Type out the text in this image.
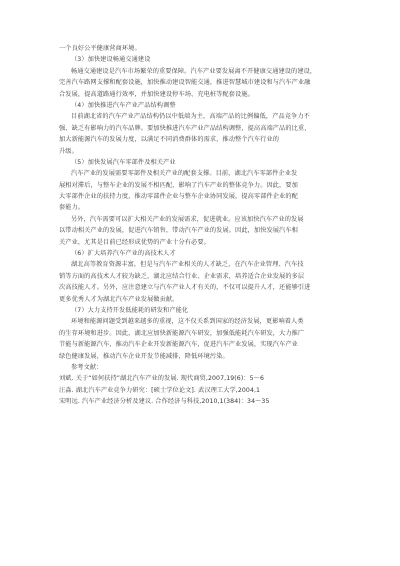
一个良好公平健康营商环境。
（3）加快建设畅通交通建设
畅通交通建设是汽车市场繁荣的重要保障。汽车产业要发展离不开健康交通建设的建设，
完善汽车路网支撑和配套设施，加快推动建设智能交通，推进智慧城市建设和与汽车产业融
合发展，提高道路通行效率，并加快建设停车场、充电桩等配套设施。
（4）加快推进汽车产业产品结构调整
目前湖北省的汽车产业产品结构仍以中低端为主，高端产品的比例偏低，产品竞争力不
强，缺乏有影响力的汽车品牌。要加快推进汽车产业产品结构调整，提高高端产品的比重，
加大新能源汽车的发展力度，以满足不同消费群体的需求，推动整个汽车行业的
升级。
（5）加快发展汽车零部件及相关产业
汽车产业的发展需要零部件及相关产业的配套支撑。目前，湖北汽车零部件企业发
展相对滞后，与整车企业的发展不相匹配，影响了汽车产业的整体竞争力。因此，要加
大零部件企业的扶持力度，推动零部件企业与整车企业协同发展，提高零部件企业的配
套能力。
另外，汽车需要可以扩大相关产业的发展需求，促进就业。应该加快汽车产业的发展
以带动相关产业的发展，促进汽车销售，带动汽车产业的发展。因此，加快发展汽车相
关产业，尤其是目前已经形成优势的产业十分有必要。
（6）扩大培养汽车产业的高技术人才
湖北高等教育资源丰富，但是与汽车产业相关的人才缺乏，在汽车企业管理、汽车技
销等方面的高技术人才较为缺乏，湖北应结合行业、企业需求，培养适合企业发展的多层
次高技能人才。另外，应注意建立与汽车产业人才有关的，不仅可以提升人才，还能够引进
更多优秀人才为湖北汽车产业发展做贡献。
（7）大力支持开发低能耗的研发和产能化
环境和能源问题受到越来越多的重视，这不仅关系到国家的经济发展，更影响着人类
的生存环境和进步。因此，湖北应加快新能源汽车研发，加强低能耗汽车研发，大力推广
节能与新能源汽车，推动汽车企业开发新能源汽车，促进汽车产业发展，实现汽车产业
绿色健康发展，推动汽车企业开发节能减排，降低环境污染。
参考文献：
刘斌. 关于“如何扶持”湖北汽车产业的发展. 现代商贸,2007,19(6)：5～6
汪淼. 湖北汽车产业竞争力研究：[硕士学位论文]. 武汉理工大学,2004,1
宋明远. 汽车产业经济分析及建议. 合作经济与科技,2010,1(384)：34～35
